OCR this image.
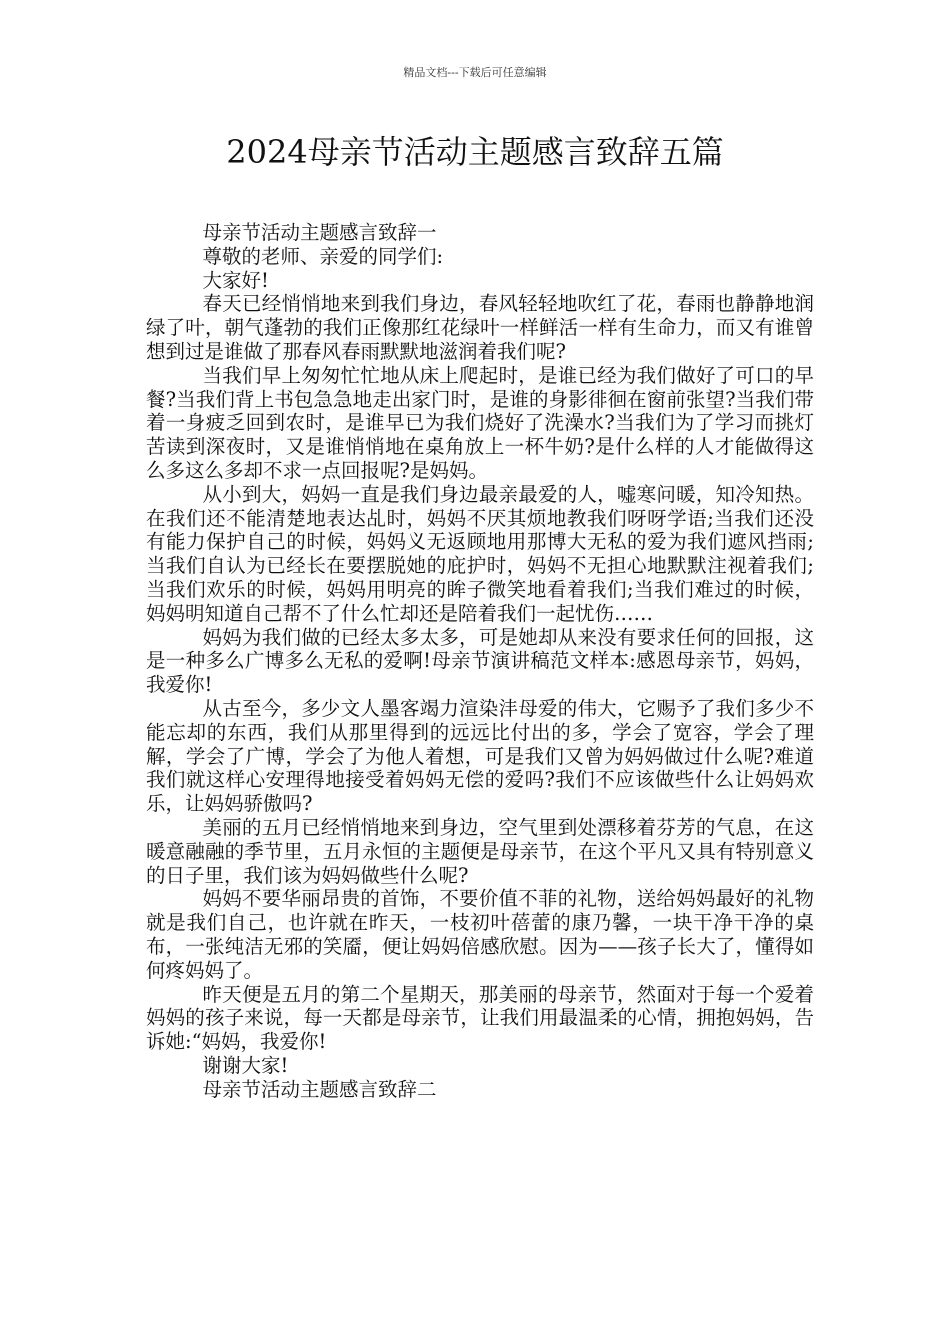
精品文档---下载后可任意编辑
2024母亲节活动主题感言致辞五篇

母亲节活动主题感言致辞一

尊敬的老师、亲爱的同学们:

大家好!

春天已经悄悄地来到我们身边，春风轻轻地吹红了花，春雨也静静地润绿了叶，朝气蓬勃的我们正像那红花绿叶一样鲜活一样有生命力，而又有谁曾想到过是谁做了那春风春雨默默地滋润着我们呢?

当我们早上匆匆忙忙地从床上爬起时，是谁已经为我们做好了可口的早餐?当我们背上书包急急地走出家门时，是谁的身影徘徊在窗前张望?当我们带着一身疲乏回到农时，是谁早已为我们烧好了洗澡水?当我们为了学习而挑灯苦读到深夜时，又是谁悄悄地在桌角放上一杯牛奶?是什么样的人才能做得这么多这么多却不求一点回报呢?是妈妈。

从小到大，妈妈一直是我们身边最亲最爱的人，嘘寒问暖，知冷知热。在我们还不能清楚地表达乩时，妈妈不厌其烦地教我们呀呀学语;当我们还没有能力保护自己的时候，妈妈义无返顾地用那博大无私的爱为我们遮风挡雨;当我们自认为已经长在要摆脱她的庇护时，妈妈不无担心地默默注视着我们;当我们欢乐的时候，妈妈用明亮的眸子微笑地看着我们;当我们难过的时候，妈妈明知道自己帮不了什么忙却还是陪着我们一起忧伤……

妈妈为我们做的已经太多太多，可是她却从来没有要求任何的回报，这是一种多么广博多么无私的爱啊!母亲节演讲稿范文样本:感恩母亲节，妈妈，我爱你!

从古至今，多少文人墨客竭力渲染沣母爱的伟大，它赐予了我们多少不能忘却的东西，我们从那里得到的远远比付出的多，学会了宽容，学会了理解，学会了广博，学会了为他人着想，可是我们又曾为妈妈做过什么呢?难道我们就这样心安理得地接受着妈妈无偿的爱吗?我们不应该做些什么让妈妈欢乐，让妈妈骄傲吗?

美丽的五月已经悄悄地来到身边，空气里到处漂移着芬芳的气息，在这暖意融融的季节里，五月永恒的主题便是母亲节，在这个平凡又具有特别意义的日子里，我们该为妈妈做些什么呢?

妈妈不要华丽昂贵的首饰，不要价值不菲的礼物，送给妈妈最好的礼物就是我们自己，也许就在昨天，一枝初叶蓓蕾的康乃馨，一块干净干净的桌布，一张纯洁无邪的笑靥，便让妈妈倍感欣慰。因为——孩子长大了，懂得如何疼妈妈了。

昨天便是五月的第二个星期天，那美丽的母亲节，然面对于每一个爱着妈妈的孩子来说，每一天都是母亲节，让我们用最温柔的心情，拥抱妈妈，告诉她:“妈妈，我爱你!

谢谢大家!

母亲节活动主题感言致辞二
